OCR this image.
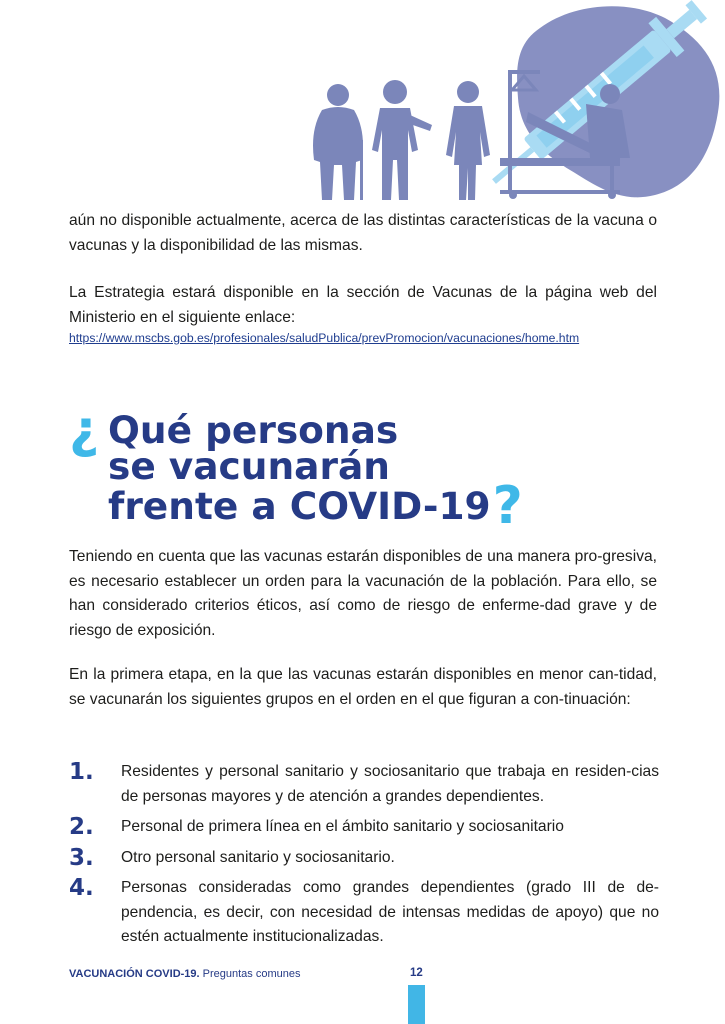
aún no disponible actualmente, acerca de las distintas características de la vacuna o vacunas y la disponibilidad de las mismas.

La Estrategia estará disponible en la sección de Vacunas de la página web del Ministerio en el siguiente enlace:

https://www.mscbs.gob.es/profesionales/saludPublica/prevPromocion/vacunaciones/home.htm
¿ Qué personas
se vacunarán
frente a COVID-19?

Teniendo en cuenta que las vacunas estarán disponibles de una manera pro-gresiva, es necesario establecer un orden para la vacunación de la población. Para ello, se han considerado criterios éticos, así como de riesgo de enferme-dad grave y de riesgo de exposición.

En la primera etapa, en la que las vacunas estarán disponibles en menor can-tidad, se vacunarán los siguientes grupos en el orden en el que figuran a con-tinuación:

1. Residentes y personal sanitario y sociosanitario que trabaja en residen-cias de personas mayores y de atención a grandes dependientes.
2. Personal de primera línea en el ámbito sanitario y sociosanitario
3. Otro personal sanitario y sociosanitario.
4. Personas consideradas como grandes dependientes (grado III de de-pendencia, es decir, con necesidad de intensas medidas de apoyo) que no estén actualmente institucionalizadas.
VACUNACIÓN COVID-19. Preguntas comunes	12
